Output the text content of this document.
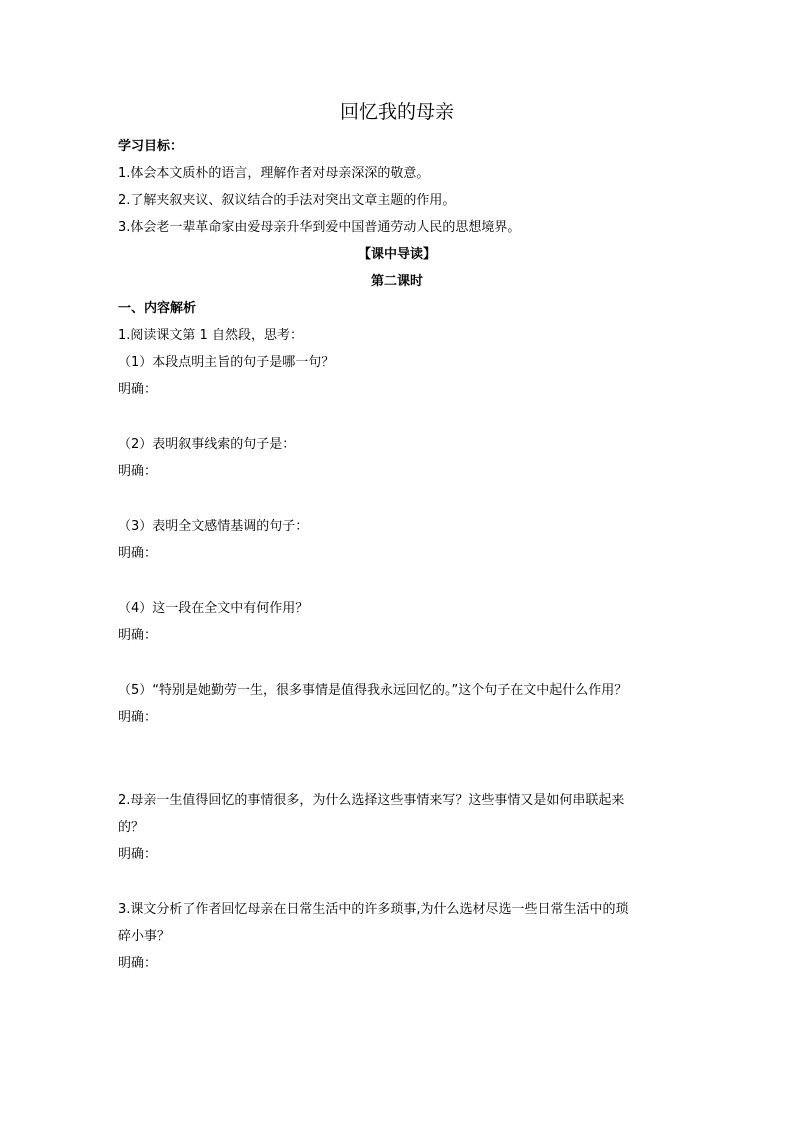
回忆我的母亲
学习目标：
1.体会本文质朴的语言，理解作者对母亲深深的敬意。
2.了解夹叙夹议、叙议结合的手法对突出文章主题的作用。
3.体会老一辈革命家由爱母亲升华到爱中国普通劳动人民的思想境界。
【课中导读】
第二课时
一、内容解析
1.阅读课文第 1 自然段，思考：
（1）本段点明主旨的句子是哪一句？
明确：
（2）表明叙事线索的句子是：
明确：
（3）表明全文感情基调的句子：
明确：
（4）这一段在全文中有何作用？
明确：
（5）“特别是她勤劳一生，很多事情是值得我永远回忆的。”这个句子在文中起什么作用？
明确：
2.母亲一生值得回忆的事情很多，为什么选择这些事情来写？这些事情又是如何串联起来
的？
明确：
3.课文分析了作者回忆母亲在日常生活中的许多琐事,为什么选材尽选一些日常生活中的琐
碎小事？
明确：
